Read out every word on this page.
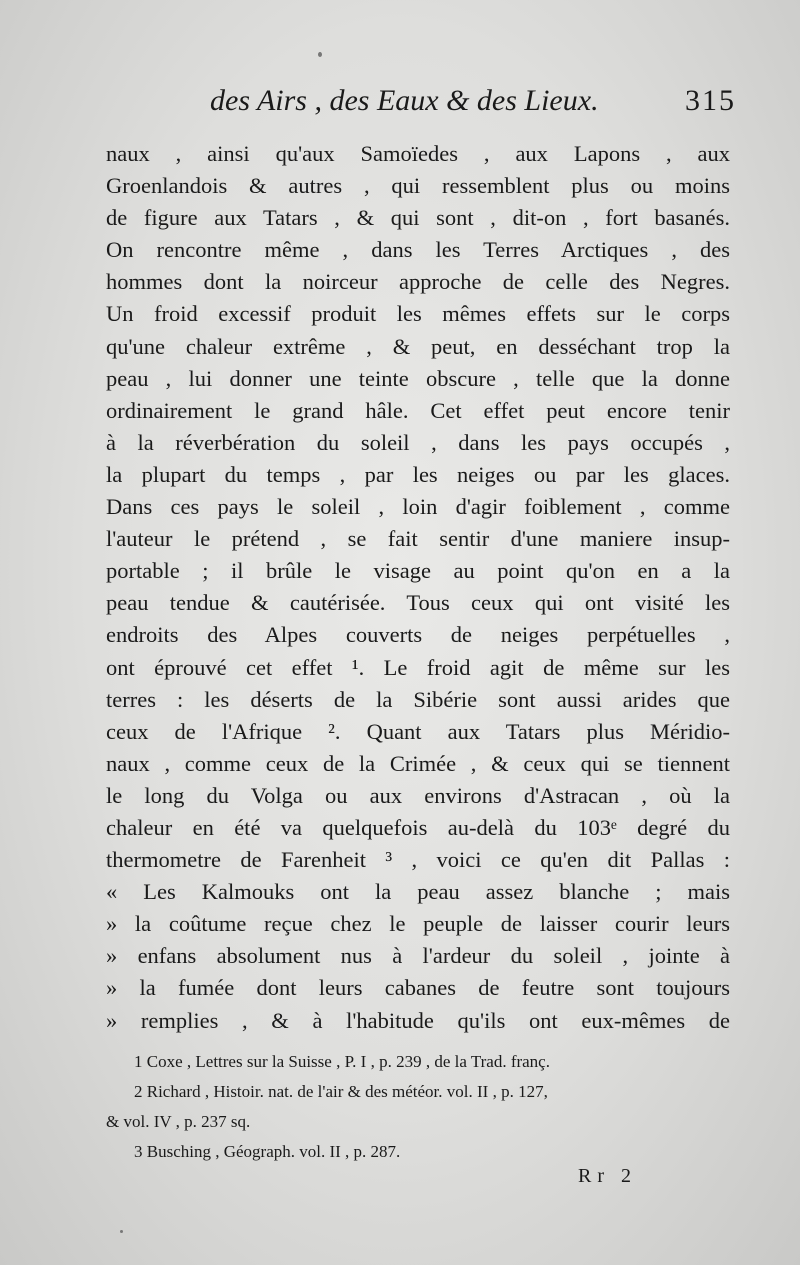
des Airs , des Eaux & des Lieux.	315
naux , ainsi qu'aux Samoïedes , aux Lapons , aux
Groenlandois & autres , qui ressemblent plus ou moins
de figure aux Tatars , & qui sont , dit-on , fort basanés.
On rencontre même , dans les Terres Arctiques , des
hommes dont la noirceur approche de celle des Negres.
Un froid excessif produit les mêmes effets sur le corps
qu'une chaleur extrême , & peut, en desséchant trop la
peau , lui donner une teinte obscure , telle que la donne
ordinairement le grand hâle. Cet effet peut encore tenir
à la réverbération du soleil , dans les pays occupés ,
la plupart du temps , par les neiges ou par les glaces.
Dans ces pays le soleil , loin d'agir foiblement , comme
l'auteur le prétend , se fait sentir d'une maniere insup-
portable ; il brûle le visage au point qu'on en a la
peau tendue & cautérisée. Tous ceux qui ont visité les
endroits des Alpes couverts de neiges perpétuelles ,
ont éprouvé cet effet ¹. Le froid agit de même sur les
terres : les déserts de la Sibérie sont aussi arides que
ceux de l'Afrique ². Quant aux Tatars plus Méridio-
naux , comme ceux de la Crimée , & ceux qui se tiennent
le long du Volga ou aux environs d'Astracan , où la
chaleur en été va quelquefois au-delà du 103ᵉ degré du
thermometre de Farenheit ³ , voici ce qu'en dit Pallas :
« Les Kalmouks ont la peau assez blanche ; mais
» la coûtume reçue chez le peuple de laisser courir leurs
» enfans absolument nus à l'ardeur du soleil , jointe à
» la fumée dont leurs cabanes de feutre sont toujours
» remplies , & à l'habitude qu'ils ont eux-mêmes de
1 Coxe , Lettres sur la Suisse , P. I , p. 239 , de la Trad. franç.
2 Richard , Histoir. nat. de l'air & des météor. vol. II , p. 127,
& vol. IV , p. 237 sq.
3 Busching , Géograph. vol. II , p. 287.
Rr 2
